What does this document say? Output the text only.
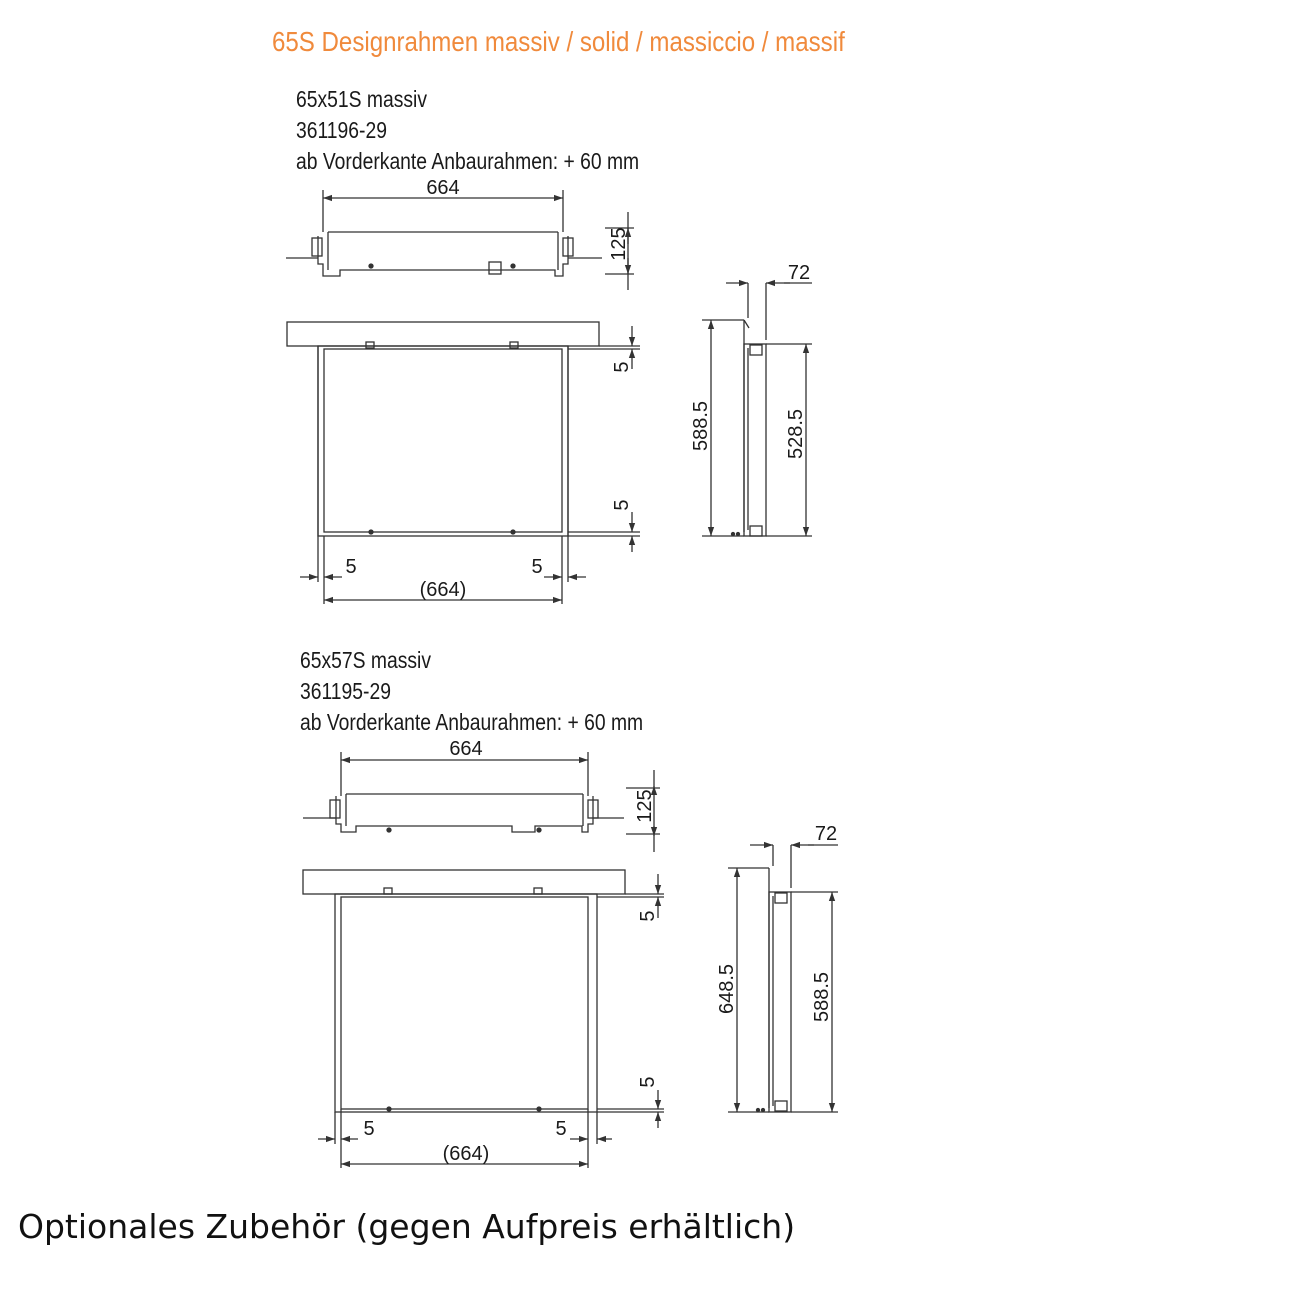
65S Designrahmen massiv / solid / massiccio / massif
65x51S massiv
361196-29
ab Vorderkante Anbaurahmen: + 60 mm
65x57S massiv
361195-29
ab Vorderkante Anbaurahmen: + 60 mm
664
125
5
5
5	5
(664)
72
588.5	528.5
664
125
5
5
5	5
(664)
72
648.5	588.5
Optionales Zubehör (gegen Aufpreis erhältlich)
